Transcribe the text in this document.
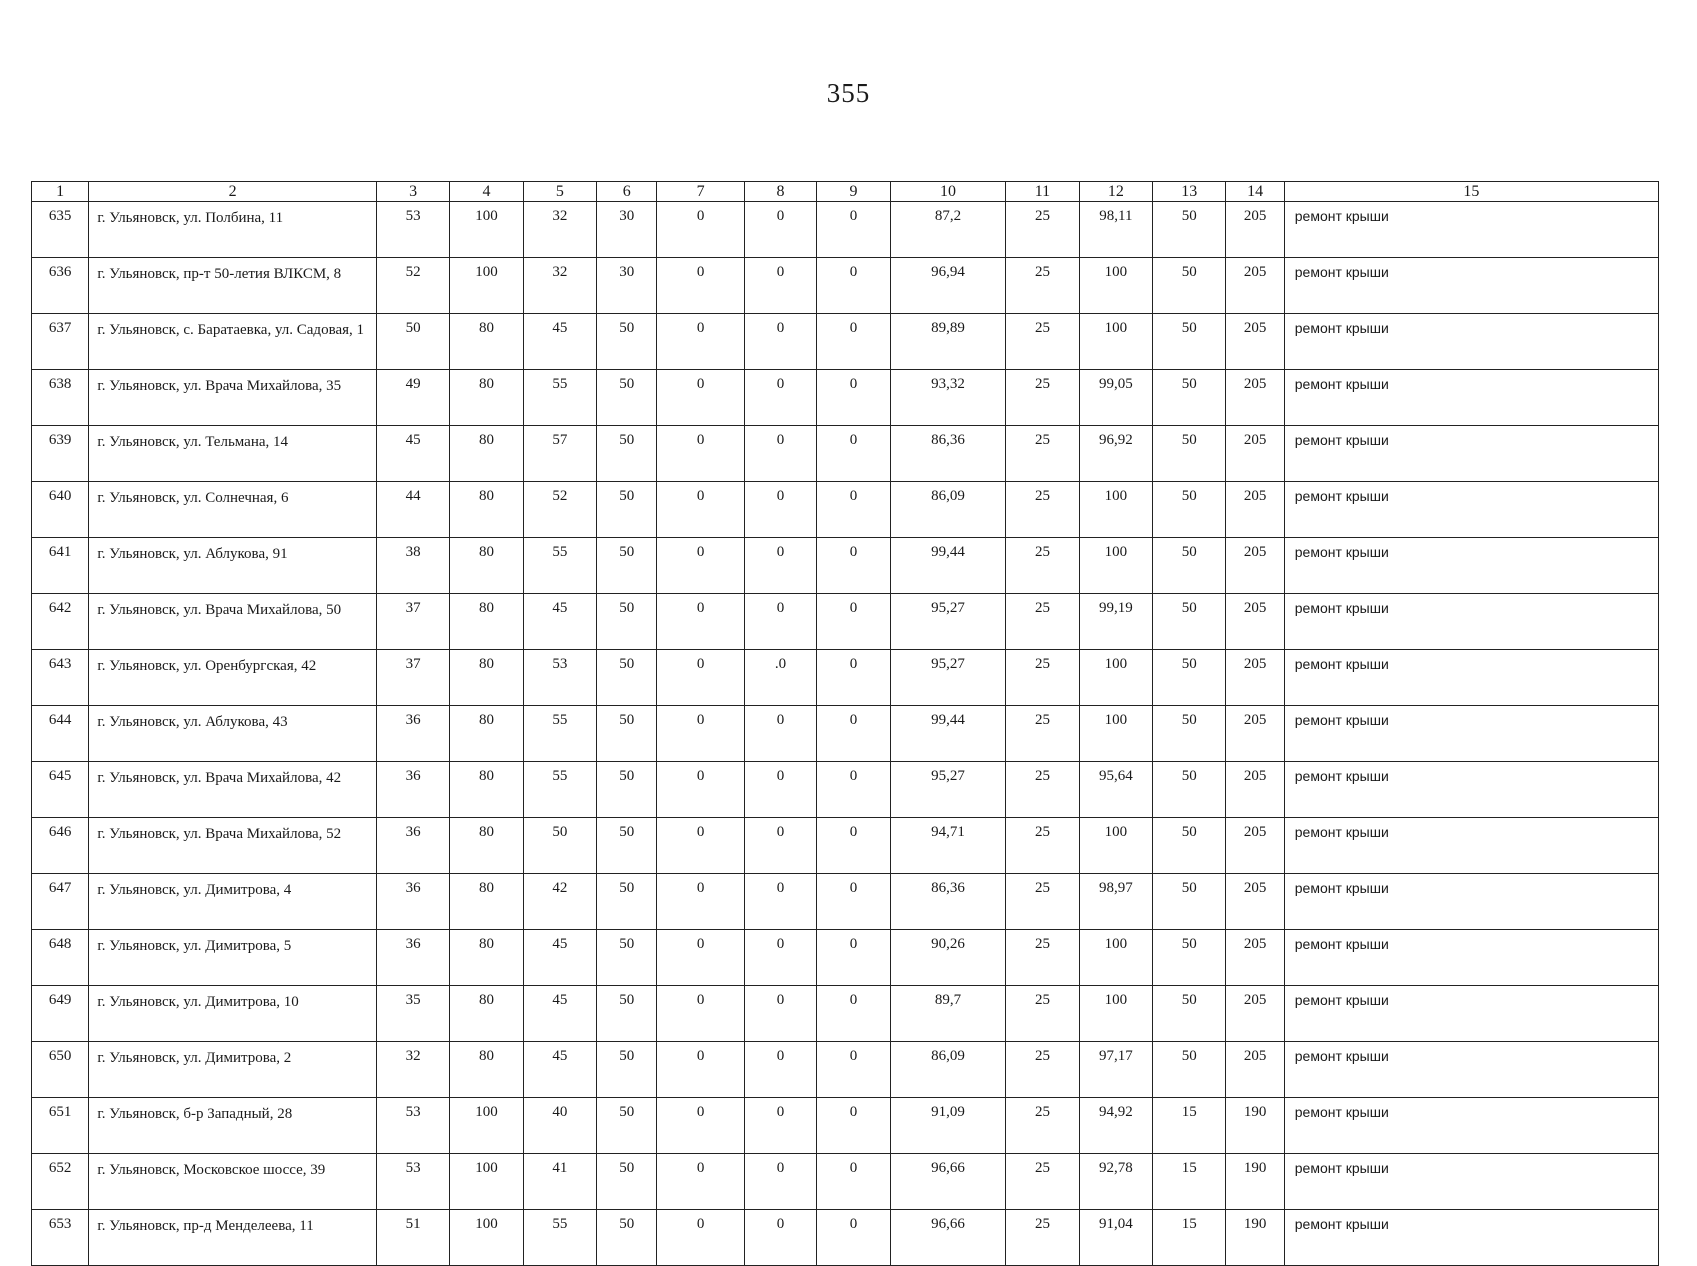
355
1	2	3	4	5	6	7	8	9	10	11	12	13	14	15
635	г. Ульяновск, ул. Полбина, 11	53	100	32	30	0	0	0	87,2	25	98,11	50	205	ремонт крыши
636	г. Ульяновск, пр-т 50-летия ВЛКСМ, 8	52	100	32	30	0	0	0	96,94	25	100	50	205	ремонт крыши
637	г. Ульяновск, с. Баратаевка, ул. Садовая, 1	50	80	45	50	0	0	0	89,89	25	100	50	205	ремонт крыши
638	г. Ульяновск, ул. Врача Михайлова, 35	49	80	55	50	0	0	0	93,32	25	99,05	50	205	ремонт крыши
639	г. Ульяновск, ул. Тельмана, 14	45	80	57	50	0	0	0	86,36	25	96,92	50	205	ремонт крыши
640	г. Ульяновск, ул. Солнечная, 6	44	80	52	50	0	0	0	86,09	25	100	50	205	ремонт крыши
641	г. Ульяновск, ул. Аблукова, 91	38	80	55	50	0	0	0	99,44	25	100	50	205	ремонт крыши
642	г. Ульяновск, ул. Врача Михайлова, 50	37	80	45	50	0	0	0	95,27	25	99,19	50	205	ремонт крыши
643	г. Ульяновск, ул. Оренбургская, 42	37	80	53	50	0	.0	0	95,27	25	100	50	205	ремонт крыши
644	г. Ульяновск, ул. Аблукова, 43	36	80	55	50	0	0	0	99,44	25	100	50	205	ремонт крыши
645	г. Ульяновск, ул. Врача Михайлова, 42	36	80	55	50	0	0	0	95,27	25	95,64	50	205	ремонт крыши
646	г. Ульяновск, ул. Врача Михайлова, 52	36	80	50	50	0	0	0	94,71	25	100	50	205	ремонт крыши
647	г. Ульяновск, ул. Димитрова, 4	36	80	42	50	0	0	0	86,36	25	98,97	50	205	ремонт крыши
648	г. Ульяновск, ул. Димитрова, 5	36	80	45	50	0	0	0	90,26	25	100	50	205	ремонт крыши
649	г. Ульяновск, ул. Димитрова, 10	35	80	45	50	0	0	0	89,7	25	100	50	205	ремонт крыши
650	г. Ульяновск, ул. Димитрова, 2	32	80	45	50	0	0	0	86,09	25	97,17	50	205	ремонт крыши
651	г. Ульяновск, б-р Западный, 28	53	100	40	50	0	0	0	91,09	25	94,92	15	190	ремонт крыши
652	г. Ульяновск, Московское шоссе, 39	53	100	41	50	0	0	0	96,66	25	92,78	15	190	ремонт крыши
653	г. Ульяновск, пр-д Менделеева, 11	51	100	55	50	0	0	0	96,66	25	91,04	15	190	ремонт крыши
